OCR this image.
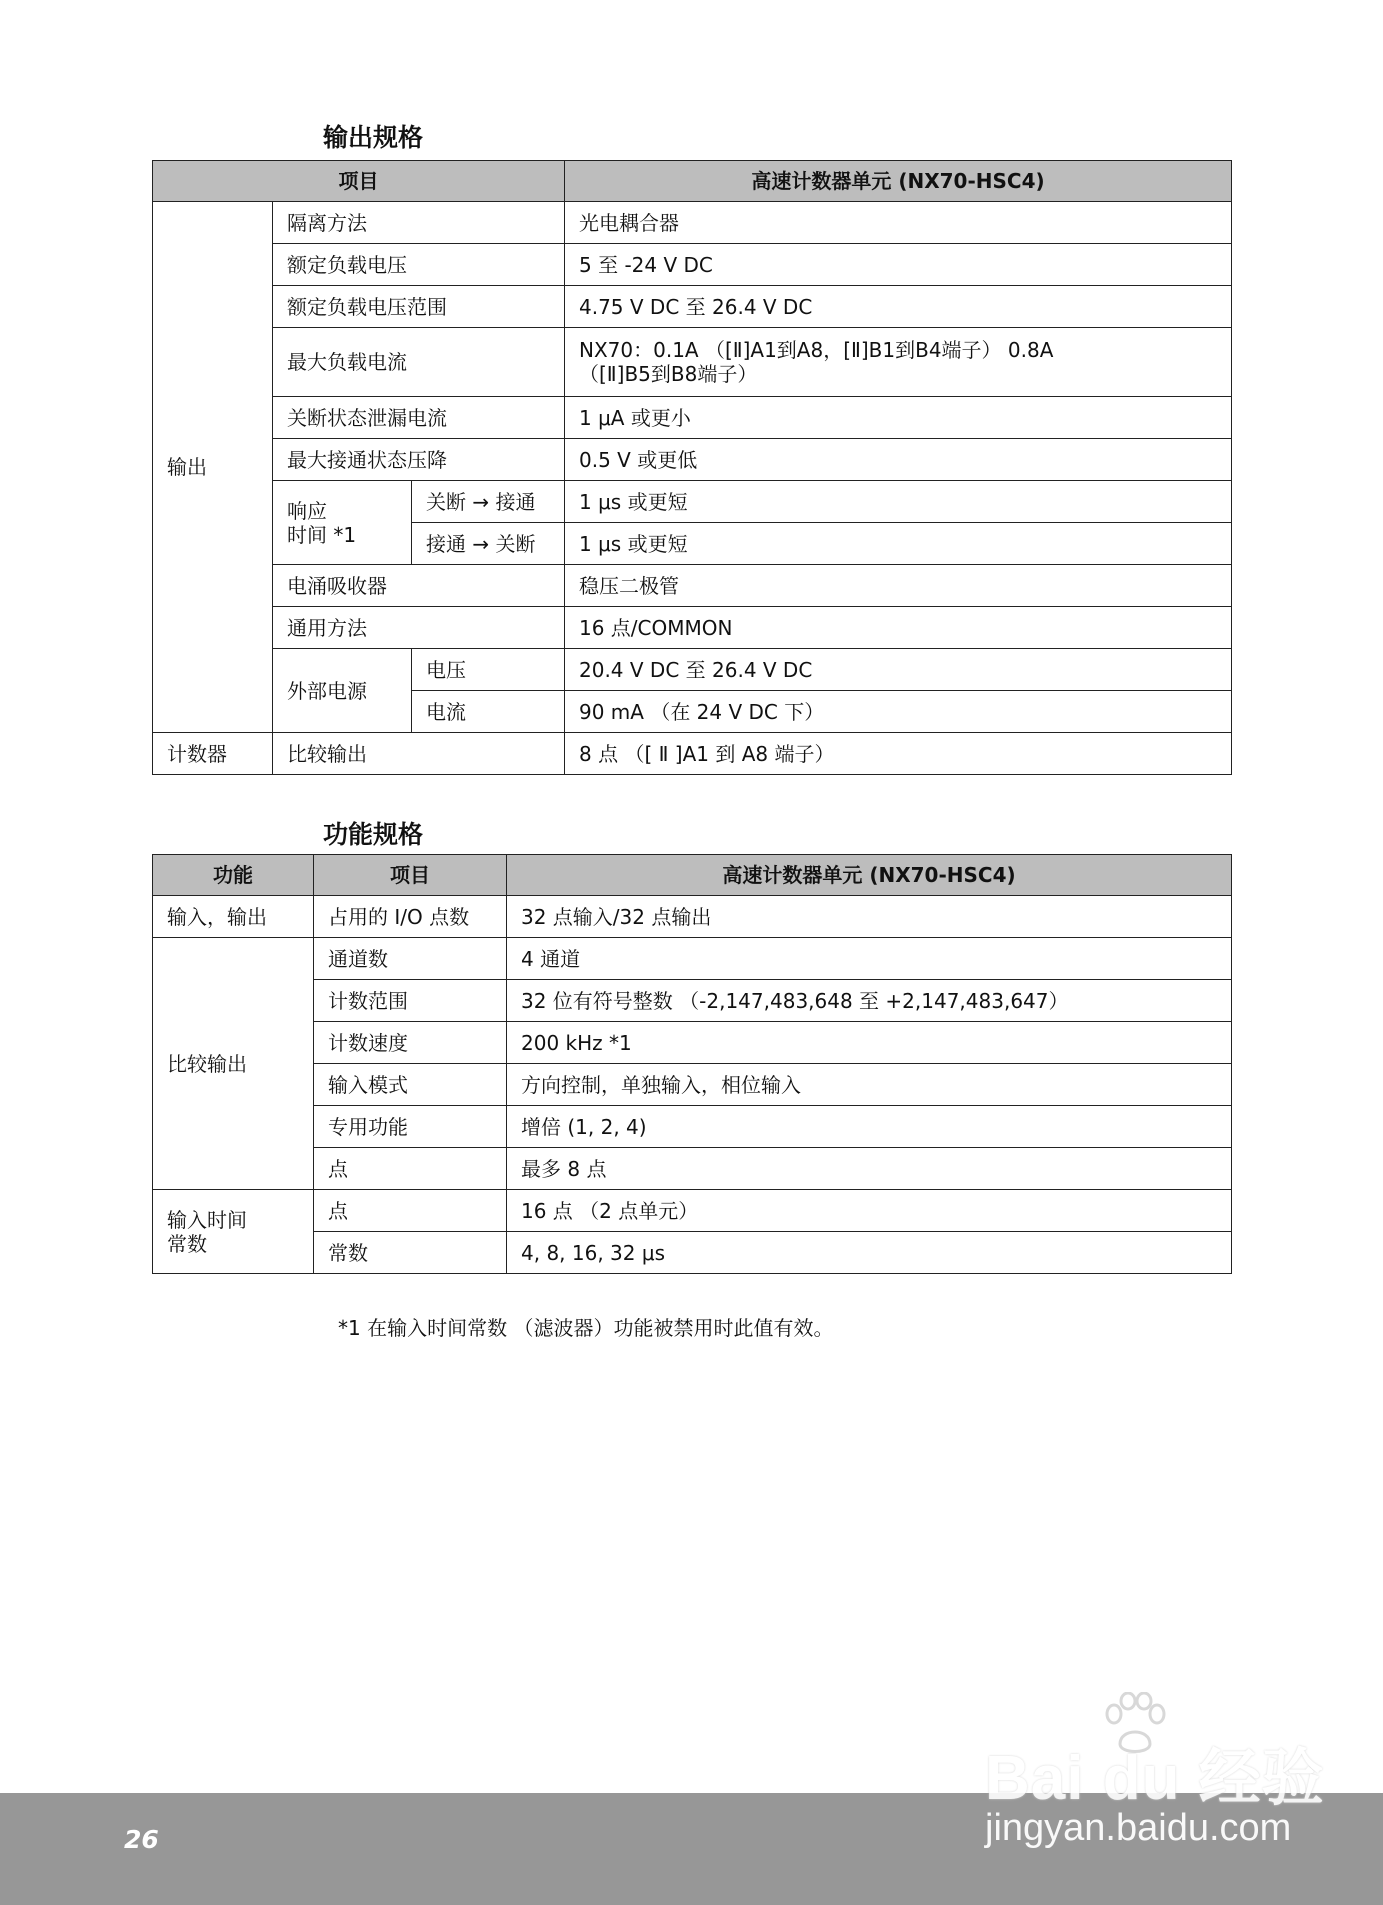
输出规格
项目			高速计数器单元 (NX70-HSC4)
输出	隔离方法		光电耦合器
	额定负载电压		5 至 -24 V DC
	额定负载电压范围		4.75 V DC 至 26.4 V DC
	最大负载电流		NX70：0.1A （[Ⅱ]A1到A8，[Ⅱ]B1到B4端子） 0.8A
（[Ⅱ]B5到B8端子）

	关断状态泄漏电流		1 μA 或更小
	最大接通状态压降		0.5 V 或更低

	响应
时间 *1	关断 → 接通	1 μs 或更短
		接通 → 关断	1 μs 或更短
	电涌吸收器		稳压二极管
	通用方法		16 点/COMMON
	外部电源	电压	20.4 V DC 至 26.4 V DC
		电流	90 mA （在 24 V DC 下）
计数器	比较输出		8 点 （[ Ⅱ ]A1 到 A8 端子）
功能规格
功能	项目	高速计数器单元 (NX70-HSC4)
输入，输出	占用的 I/O 点数	32 点输入/32 点输出
比较输出	通道数	4 通道
	计数范围	32 位有符号整数 （-2,147,483,648 至 +2,147,483,647）
	计数速度	200 kHz *1
	输入模式	方向控制，单独输入，相位输入
	专用功能	增倍 (1, 2, 4)
	点	最多 8 点

输入时间
常数	点	16 点 （2 点单元）
	常数	4, 8, 16, 32 μs
*1 在输入时间常数 （滤波器）功能被禁用时此值有效。
26
Bai du 经验
jingyan.baidu.com
